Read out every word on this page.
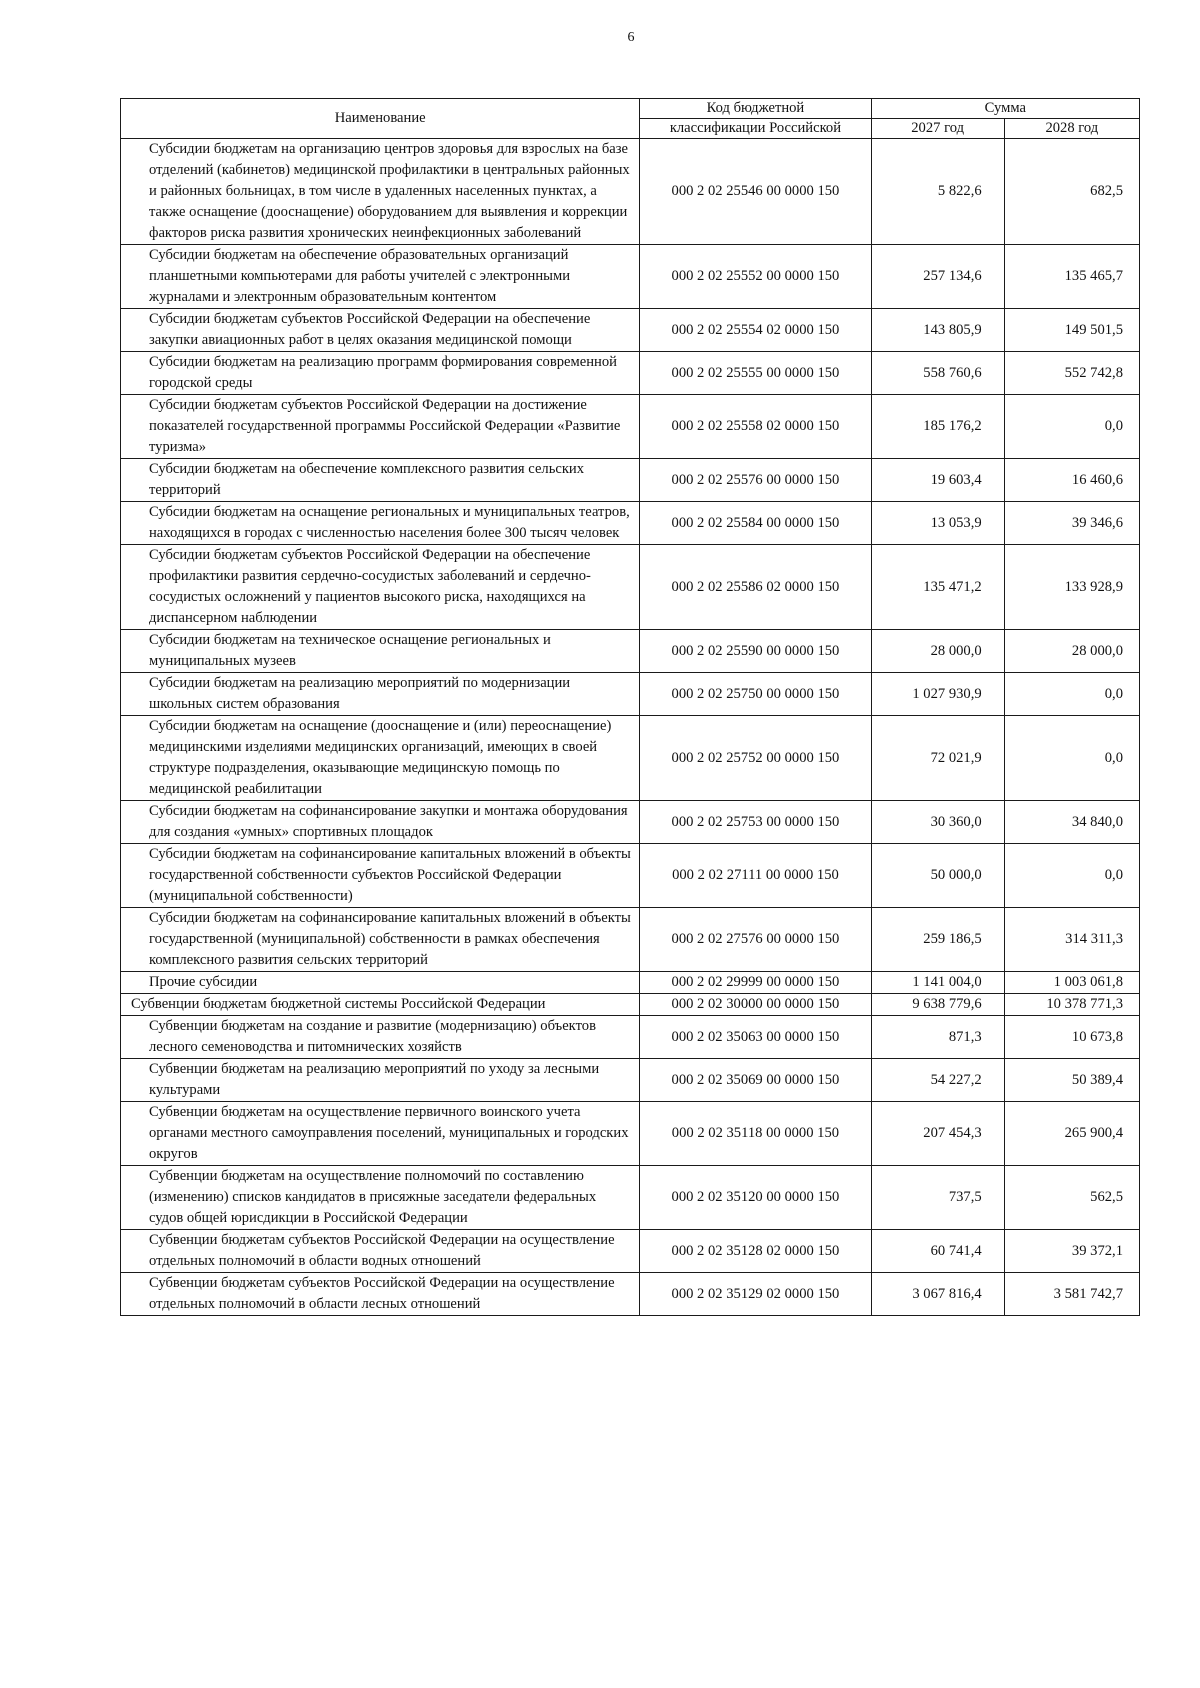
6
Наименование	Код бюджетной	Сумма	
	классификации Российской	2027 год	2028 год
Субсидии бюджетам на организацию центров здоровья для взрослых на базе отделений (кабинетов) медицинской профилактики в центральных районных и районных больницах, в том числе в удаленных населенных пунктах, а также оснащение (дооснащение) оборудованием для выявления и коррекции факторов риска развития хронических неинфекционных заболеваний	000 2 02 25546 00 0000 150	5 822,6	682,5
Субсидии бюджетам на обеспечение образовательных организаций планшетными компьютерами для работы учителей с электронными журналами и электронным образовательным контентом	000 2 02 25552 00 0000 150	257 134,6	135 465,7
Субсидии бюджетам субъектов Российской Федерации на обеспечение закупки авиационных работ в целях оказания медицинской помощи	000 2 02 25554 02 0000 150	143 805,9	149 501,5
Субсидии бюджетам на реализацию программ формирования современной городской среды	000 2 02 25555 00 0000 150	558 760,6	552 742,8
Субсидии бюджетам субъектов Российской Федерации на достижение показателей государственной программы Российской Федерации «Развитие туризма»	000 2 02 25558 02 0000 150	185 176,2	0,0
Субсидии бюджетам на обеспечение комплексного развития сельских территорий	000 2 02 25576 00 0000 150	19 603,4	16 460,6
Субсидии бюджетам на оснащение региональных и муниципальных театров, находящихся в городах с численностью населения более 300 тысяч человек	000 2 02 25584 00 0000 150	13 053,9	39 346,6
Субсидии бюджетам субъектов Российской Федерации на обеспечение профилактики развития сердечно-сосудистых заболеваний и сердечно-сосудистых осложнений у пациентов высокого риска, находящихся на диспансерном наблюдении	000 2 02 25586 02 0000 150	135 471,2	133 928,9
Субсидии бюджетам на техническое оснащение региональных и муниципальных музеев	000 2 02 25590 00 0000 150	28 000,0	28 000,0
Субсидии бюджетам на реализацию мероприятий по модернизации школьных систем образования	000 2 02 25750 00 0000 150	1 027 930,9	0,0
Субсидии бюджетам на оснащение (дооснащение и (или) переоснащение) медицинскими изделиями медицинских организаций, имеющих в своей структуре подразделения, оказывающие медицинскую помощь по медицинской реабилитации	000 2 02 25752 00 0000 150	72 021,9	0,0
Субсидии бюджетам на софинансирование закупки и монтажа оборудования для создания «умных» спортивных площадок	000 2 02 25753 00 0000 150	30 360,0	34 840,0
Субсидии бюджетам на софинансирование капитальных вложений в объекты государственной собственности субъектов Российской Федерации (муниципальной собственности)	000 2 02 27111 00 0000 150	50 000,0	0,0
Субсидии бюджетам на софинансирование капитальных вложений в объекты государственной (муниципальной) собственности в рамках обеспечения комплексного развития сельских территорий	000 2 02 27576 00 0000 150	259 186,5	314 311,3
Прочие субсидии	000 2 02 29999 00 0000 150	1 141 004,0	1 003 061,8
Субвенции бюджетам бюджетной системы Российской Федерации	000 2 02 30000 00 0000 150	9 638 779,6	10 378 771,3
Субвенции бюджетам на создание и развитие (модернизацию) объектов лесного семеноводства и питомнических хозяйств	000 2 02 35063 00 0000 150	871,3	10 673,8
Субвенции бюджетам на реализацию мероприятий по уходу за лесными культурами	000 2 02 35069 00 0000 150	54 227,2	50 389,4
Субвенции бюджетам на осуществление первичного воинского учета органами местного самоуправления поселений, муниципальных и городских округов	000 2 02 35118 00 0000 150	207 454,3	265 900,4
Субвенции бюджетам на осуществление полномочий по составлению (изменению) списков кандидатов в присяжные заседатели федеральных судов общей юрисдикции в Российской Федерации	000 2 02 35120 00 0000 150	737,5	562,5
Субвенции бюджетам субъектов Российской Федерации на осуществление отдельных полномочий в области водных отношений	000 2 02 35128 02 0000 150	60 741,4	39 372,1
Субвенции бюджетам субъектов Российской Федерации на осуществление отдельных полномочий в области лесных отношений	000 2 02 35129 02 0000 150	3 067 816,4	3 581 742,7
